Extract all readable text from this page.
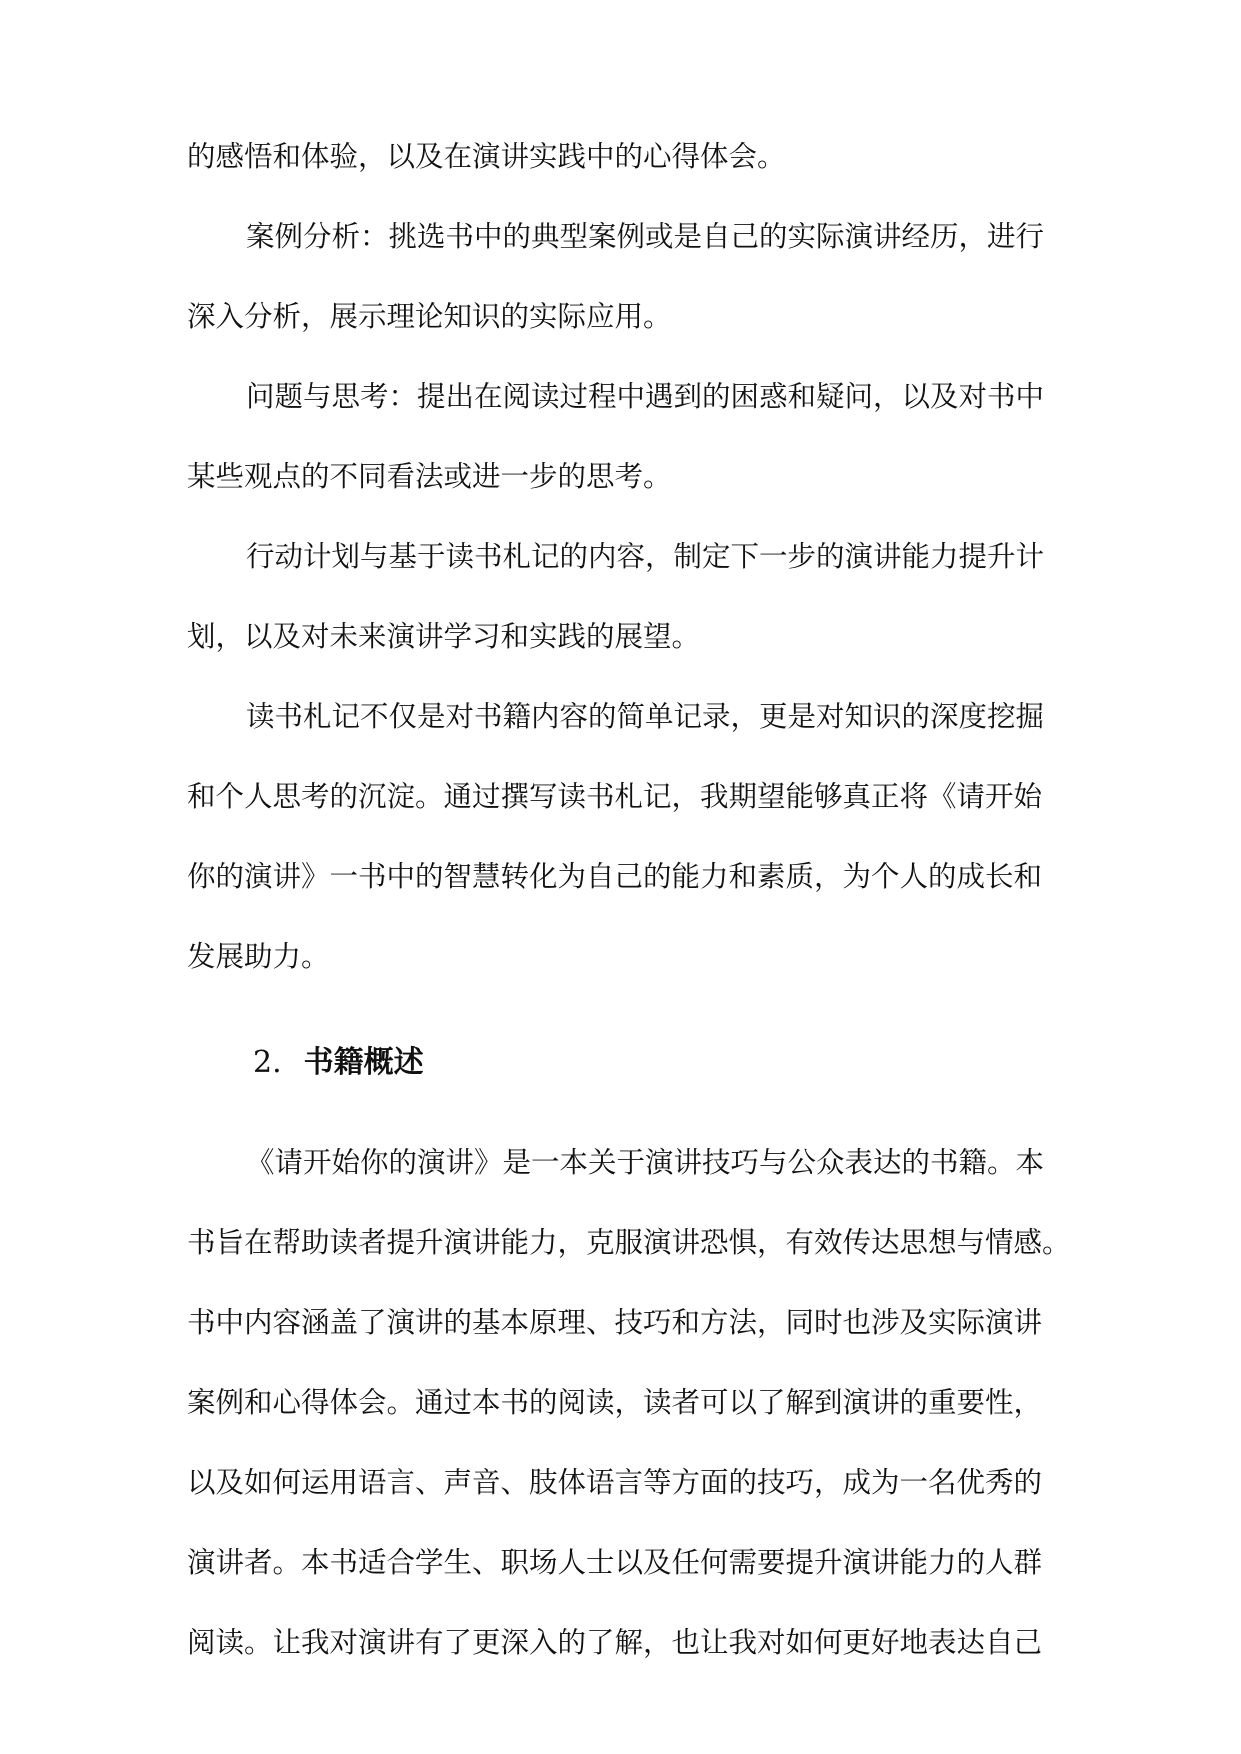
的感悟和体验，以及在演讲实践中的心得体会。
案例分析：挑选书中的典型案例或是自己的实际演讲经历，进行
深入分析，展示理论知识的实际应用。
问题与思考：提出在阅读过程中遇到的困惑和疑问，以及对书中
某些观点的不同看法或进一步的思考。
行动计划与基于读书札记的内容，制定下一步的演讲能力提升计
划，以及对未来演讲学习和实践的展望。
读书札记不仅是对书籍内容的简单记录，更是对知识的深度挖掘
和个人思考的沉淀。通过撰写读书札记，我期望能够真正将《请开始
你的演讲》一书中的智慧转化为自己的能力和素质，为个人的成长和
发展助力。
2. 书籍概述
《请开始你的演讲》是一本关于演讲技巧与公众表达的书籍。本
书旨在帮助读者提升演讲能力，克服演讲恐惧，有效传达思想与情感。
书中内容涵盖了演讲的基本原理、技巧和方法，同时也涉及实际演讲
案例和心得体会。通过本书的阅读，读者可以了解到演讲的重要性，
以及如何运用语言、声音、肢体语言等方面的技巧，成为一名优秀的
演讲者。本书适合学生、职场人士以及任何需要提升演讲能力的人群
阅读。让我对演讲有了更深入的了解，也让我对如何更好地表达自己
